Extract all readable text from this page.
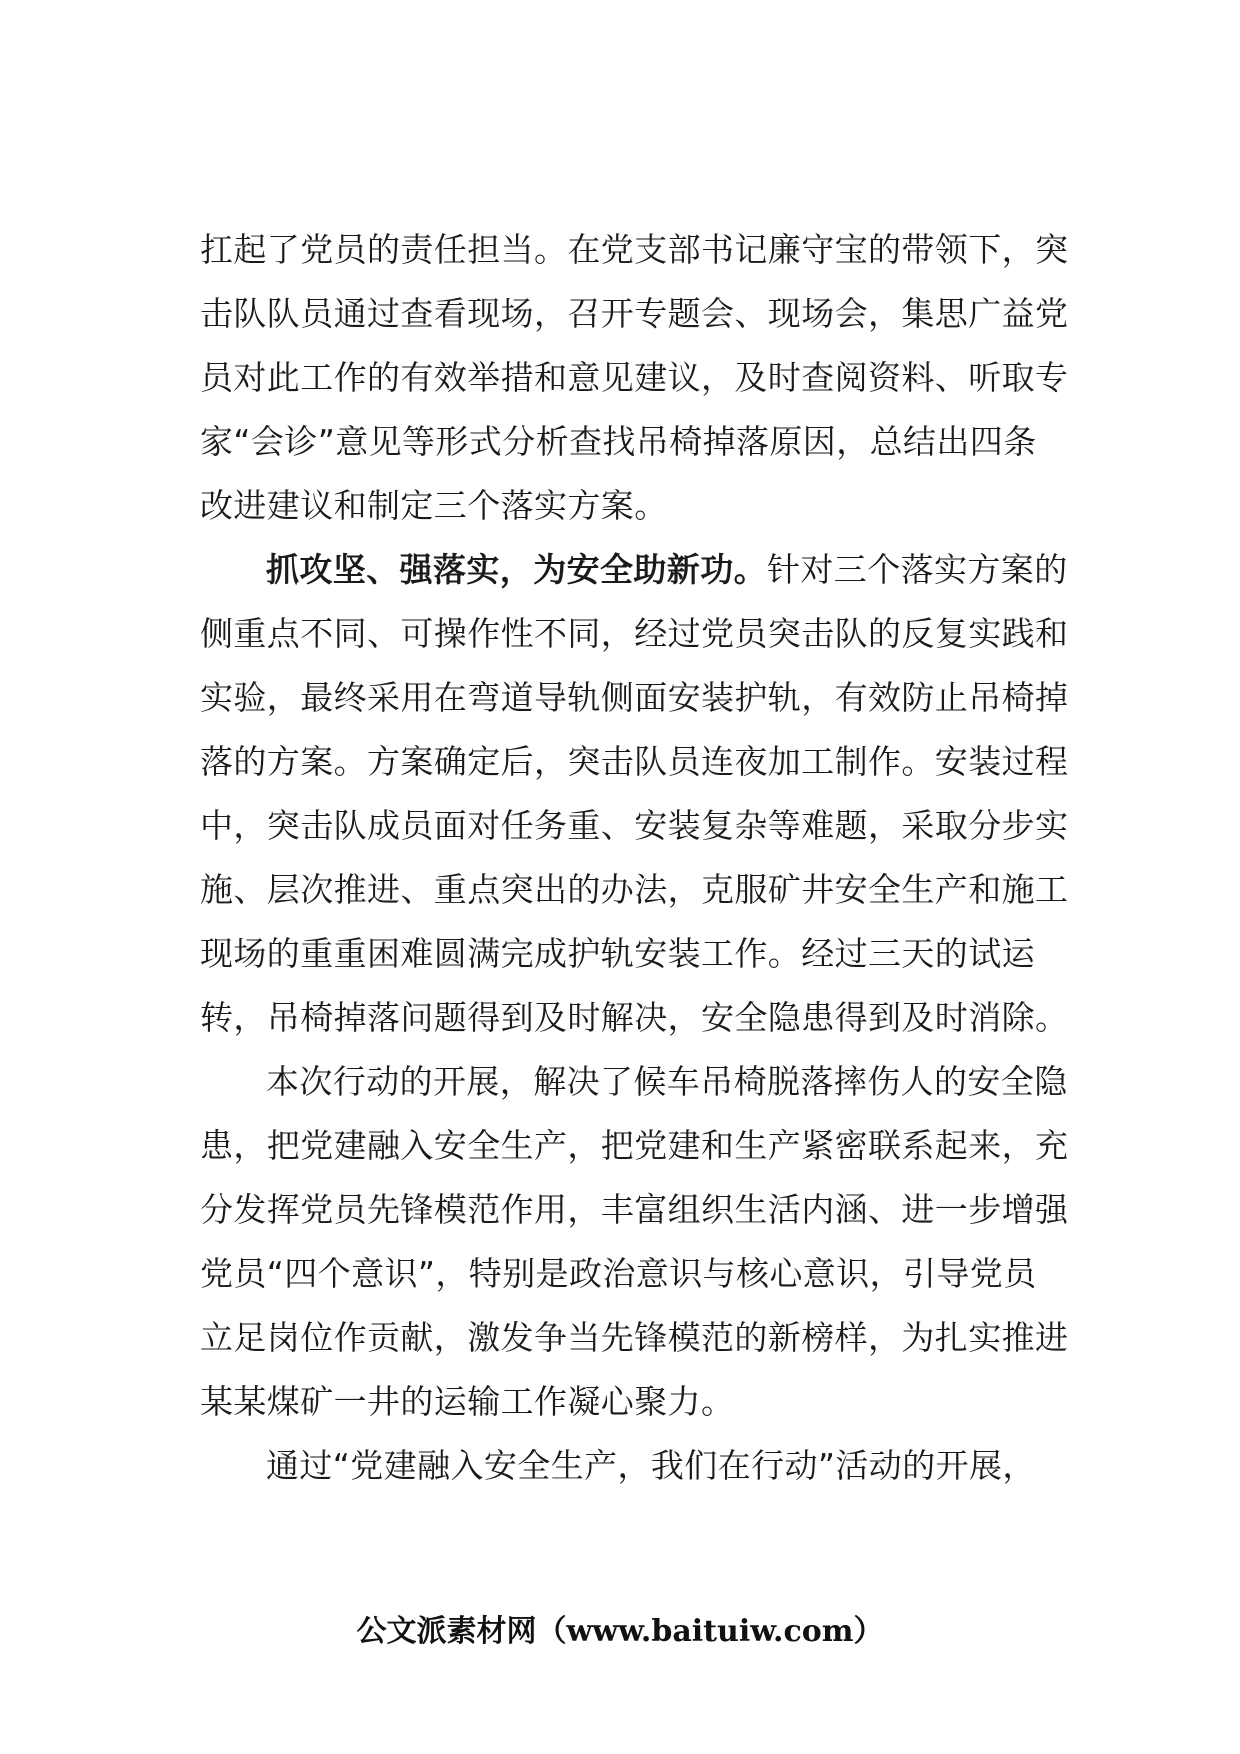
扛起了党员的责任担当。在党支部书记廉守宝的带领下，突
击队队员通过查看现场，召开专题会、现场会，集思广益党
员对此工作的有效举措和意见建议，及时查阅资料、听取专
家“会诊”意见等形式分析查找吊椅掉落原因，总结出四条
改进建议和制定三个落实方案。
抓攻坚、强落实，为安全助新功。针对三个落实方案的
侧重点不同、可操作性不同，经过党员突击队的反复实践和
实验，最终采用在弯道导轨侧面安装护轨，有效防止吊椅掉
落的方案。方案确定后，突击队员连夜加工制作。安装过程
中，突击队成员面对任务重、安装复杂等难题，采取分步实
施、层次推进、重点突出的办法，克服矿井安全生产和施工
现场的重重困难圆满完成护轨安装工作。经过三天的试运
转，吊椅掉落问题得到及时解决，安全隐患得到及时消除。
本次行动的开展，解决了候车吊椅脱落摔伤人的安全隐
患，把党建融入安全生产，把党建和生产紧密联系起来，充
分发挥党员先锋模范作用，丰富组织生活内涵、进一步增强
党员“四个意识”，特别是政治意识与核心意识，引导党员
立足岗位作贡献，激发争当先锋模范的新榜样，为扎实推进
某某煤矿一井的运输工作凝心聚力。
通过“党建融入安全生产，我们在行动”活动的开展，
公文派素材网（www.baituiw.com）
